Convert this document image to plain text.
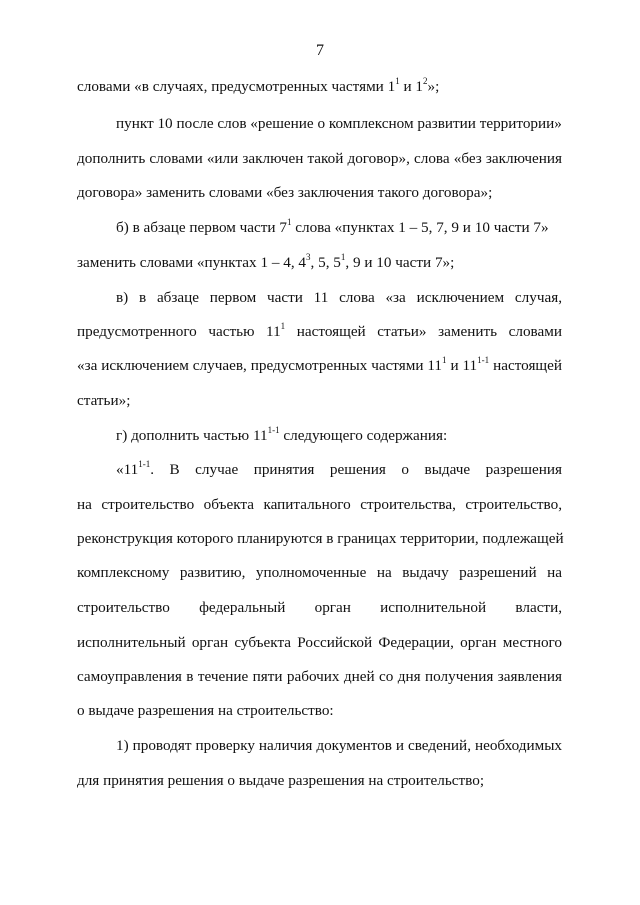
7
словами «в случаях, предусмотренных частями $1^1$ и $1^2$»;
пункт 10 после слов «решение о комплексном развитии территории»
дополнить словами «или заключен такой договор», слова «без заключения
договора» заменить словами «без заключения такого договора»;
б) в абзаце первом части $7^1$ слова «пунктах 1 – 5, 7, 9 и 10 части 7»
заменить словами «пунктах 1 – 4, $4^3$, 5, $5^1$, 9 и 10 части 7»;
в) в абзаце первом части 11 слова «за исключением случая,
предусмотренного частью $11^1$ настоящей статьи» заменить словами
«за исключением случаев, предусмотренных частями $11^1$ и 11$^{1-1}$ настоящей
статьи»;
г) дополнить частью 11$^{1-1}$ следующего содержания:
«11$^{1-1}$. В случае принятия решения о выдаче разрешения
на строительство объекта капитального строительства, строительство,
реконструкция которого планируются в границах территории, подлежащей
комплексному развитию, уполномоченные на выдачу разрешений на
строительство федеральный орган исполнительной власти,
исполнительный орган субъекта Российской Федерации, орган местного
самоуправления в течение пяти рабочих дней со дня получения заявления
о выдаче разрешения на строительство:
1) проводят проверку наличия документов и сведений, необходимых
для принятия решения о выдаче разрешения на строительство;
